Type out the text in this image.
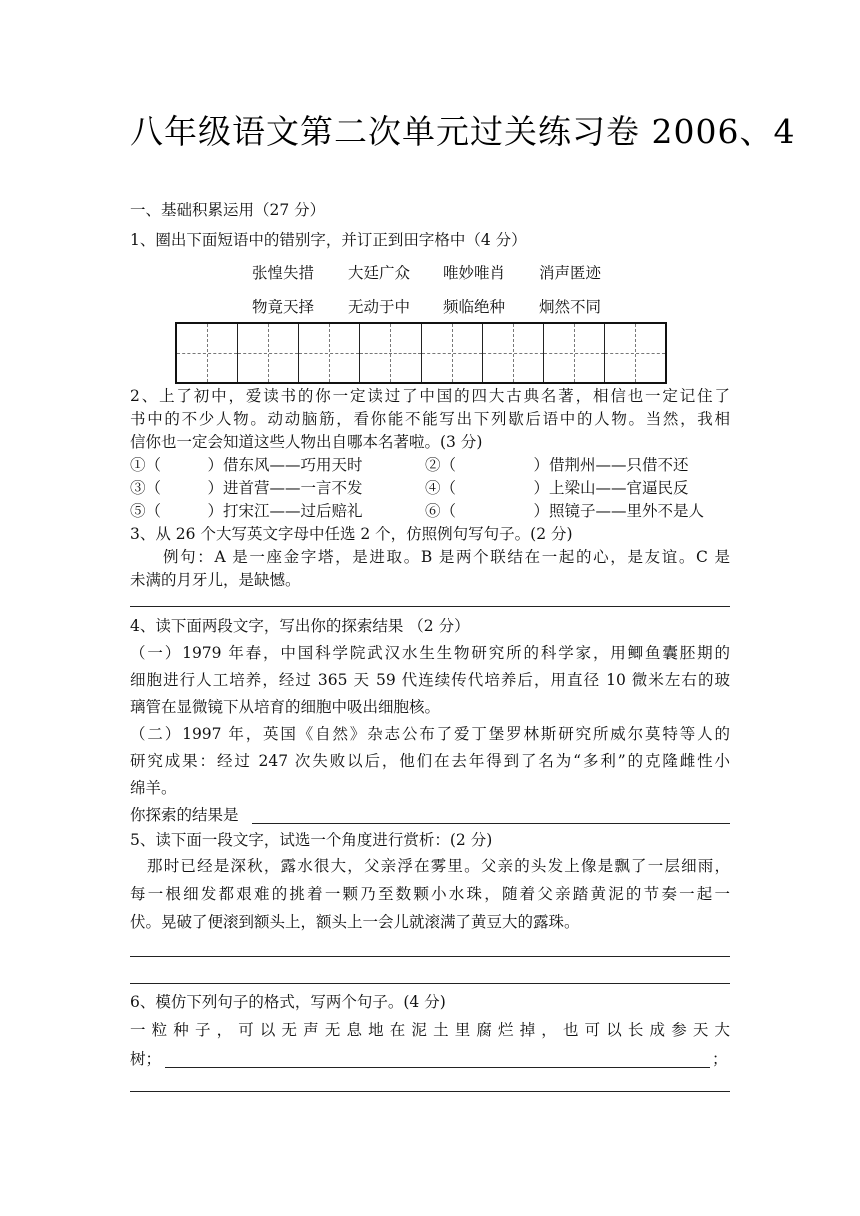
八年级语文第二次单元过关练习卷 2006、4
一、基础积累运用（27 分）
1、圈出下面短语中的错别字，并订正到田字格中（4 分）
张惶失措 大廷广众 唯妙唯肖 消声匿迹
物竟天择 无动于中 频临绝种 炯然不同
2、上了初中，爱读书的你一定读过了中国的四大古典名著，相信也一定记住了
书中的不少人物。动动脑筋，看你能不能写出下列歇后语中的人物。当然，我相
信你也一定会知道这些人物出自哪本名著啦。(3 分)
①（　　　）借东风——巧用天时	②（　　　　　）借荆州——只借不还
③（　　　）进首营——一言不发	④（　　　　　）上梁山——官逼民反
⑤（　　　）打宋江——过后赔礼	⑥（　　　　　）照镜子——里外不是人
3、从 26 个大写英文字母中任选 2 个，仿照例句写句子。(2 分)
例句：A 是一座金字塔，是进取。B 是两个联结在一起的心，是友谊。C 是
未满的月牙儿，是缺憾。
4、读下面两段文字，写出你的探索结果 （2 分）
（一）1979 年春，中国科学院武汉水生生物研究所的科学家，用鲫鱼囊胚期的
细胞进行人工培养，经过 365 天 59 代连续传代培养后，用直径 10 微米左右的玻
璃管在显微镜下从培育的细胞中吸出细胞核。
（二）1997 年，英国《自然》杂志公布了爱丁堡罗林斯研究所威尔莫特等人的
研究成果：经过 247 次失败以后，他们在去年得到了名为“多利”的克隆雌性小
绵羊。
你探索的结果是
5、读下面一段文字，试选一个角度进行赏析：(2 分)
那时已经是深秋，露水很大，父亲浮在雾里。父亲的头发上像是飘了一层细雨，
每一根细发都艰难的挑着一颗乃至数颗小水珠，随着父亲踏黄泥的节奏一起一
伏。晃破了便滚到额头上，额头上一会儿就滚满了黄豆大的露珠。
6、模仿下列句子的格式，写两个句子。(4 分)
一粒种子，可以无声无息地在泥土里腐烂掉，也可以长成参天大
树；	；
